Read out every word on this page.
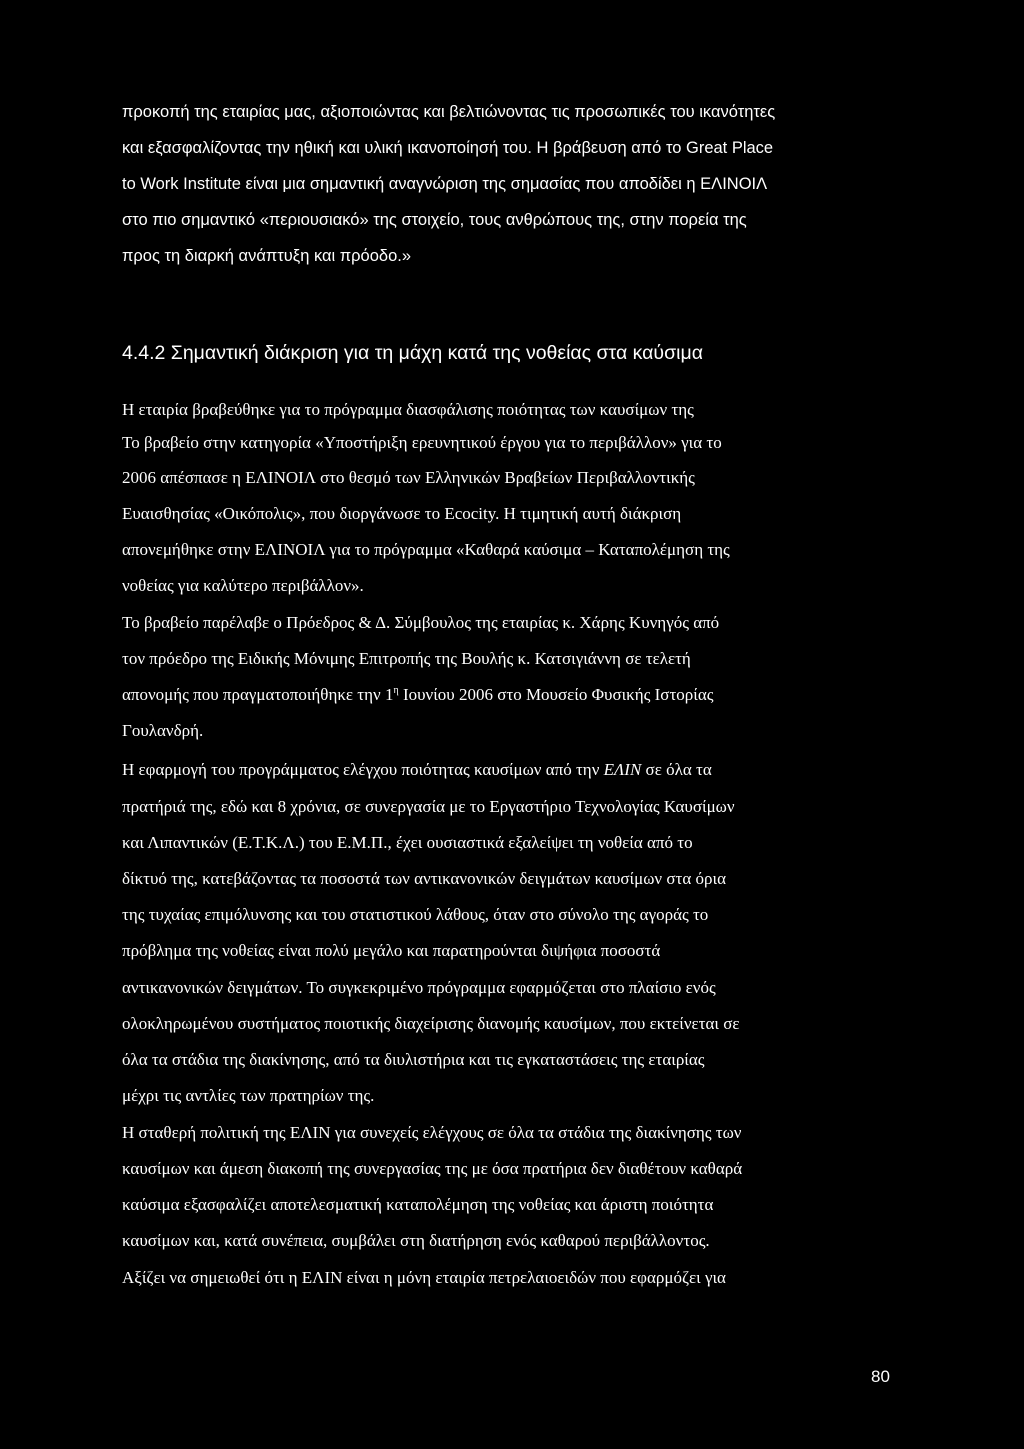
προκοπή της εταιρίας μας, αξιοποιώντας και βελτιώνοντας τις προσωπικές του ικανότητες
και εξασφαλίζοντας την ηθική και υλική ικανοποίησή του. Η βράβευση από το Great Place
to Work Institute είναι μια σημαντική αναγνώριση της σημασίας που αποδίδει η ΕΛΙΝΟΙΛ
στο πιο σημαντικό «περιουσιακό» της στοιχείο, τους ανθρώπους της, στην πορεία της
προς τη διαρκή ανάπτυξη και πρόοδο.»
4.4.2 Σημαντική διάκριση για τη μάχη κατά της νοθείας στα καύσιμα
Η εταιρία βραβεύθηκε για το πρόγραμμα διασφάλισης ποιότητας των καυσίμων της
Το βραβείο στην κατηγορία «Υποστήριξη ερευνητικού έργου για το περιβάλλον» για το
2006 απέσπασε η ΕΛΙΝΟΙΛ στο θεσμό των Ελληνικών Βραβείων Περιβαλλοντικής
Ευαισθησίας «Οικόπολις», που διοργάνωσε το Ecocity. Η τιμητική αυτή διάκριση
απονεμήθηκε στην ΕΛΙΝΟΙΛ για το πρόγραμμα «Καθαρά καύσιμα – Καταπολέμηση της
νοθείας για καλύτερο περιβάλλον».
Το βραβείο παρέλαβε ο Πρόεδρος & Δ. Σύμβουλος της εταιρίας κ. Χάρης Κυνηγός από
τον πρόεδρο της Ειδικής Μόνιμης Επιτροπής της Βουλής κ. Κατσιγιάννη σε τελετή
απονομής που πραγματοποιήθηκε την $1^\eta$ Ιουνίου 2006 στο Μουσείο Φυσικής Ιστορίας
Γουλανδρή.
Η εφαρμογή του προγράμματος ελέγχου ποιότητας καυσίμων από την ΕΛΙΝ σε όλα τα
πρατήριά της, εδώ και 8 χρόνια, σε συνεργασία με το Εργαστήριο Τεχνολογίας Καυσίμων
και Λιπαντικών (Ε.Τ.Κ.Λ.) του Ε.Μ.Π., έχει ουσιαστικά εξαλείψει τη νοθεία από το
δίκτυό της, κατεβάζοντας τα ποσοστά των αντικανονικών δειγμάτων καυσίμων στα όρια
της τυχαίας επιμόλυνσης και του στατιστικού λάθους, όταν στο σύνολο της αγοράς το
πρόβλημα της νοθείας είναι πολύ μεγάλο και παρατηρούνται διψήφια ποσοστά
αντικανονικών δειγμάτων. Το συγκεκριμένο πρόγραμμα εφαρμόζεται στο πλαίσιο ενός
ολοκληρωμένου συστήματος ποιοτικής διαχείρισης διανομής καυσίμων, που εκτείνεται σε
όλα τα στάδια της διακίνησης, από τα διυλιστήρια και τις εγκαταστάσεις της εταιρίας
μέχρι τις αντλίες των πρατηρίων της.
Η σταθερή πολιτική της ΕΛΙΝ για συνεχείς ελέγχους σε όλα τα στάδια της διακίνησης των
καυσίμων και άμεση διακοπή της συνεργασίας της με όσα πρατήρια δεν διαθέτουν καθαρά
καύσιμα εξασφαλίζει αποτελεσματική καταπολέμηση της νοθείας και άριστη ποιότητα
καυσίμων και, κατά συνέπεια, συμβάλει στη διατήρηση ενός καθαρού περιβάλλοντος.
Αξίζει να σημειωθεί ότι η ΕΛΙΝ είναι η μόνη εταιρία πετρελαιοειδών που εφαρμόζει για
80
